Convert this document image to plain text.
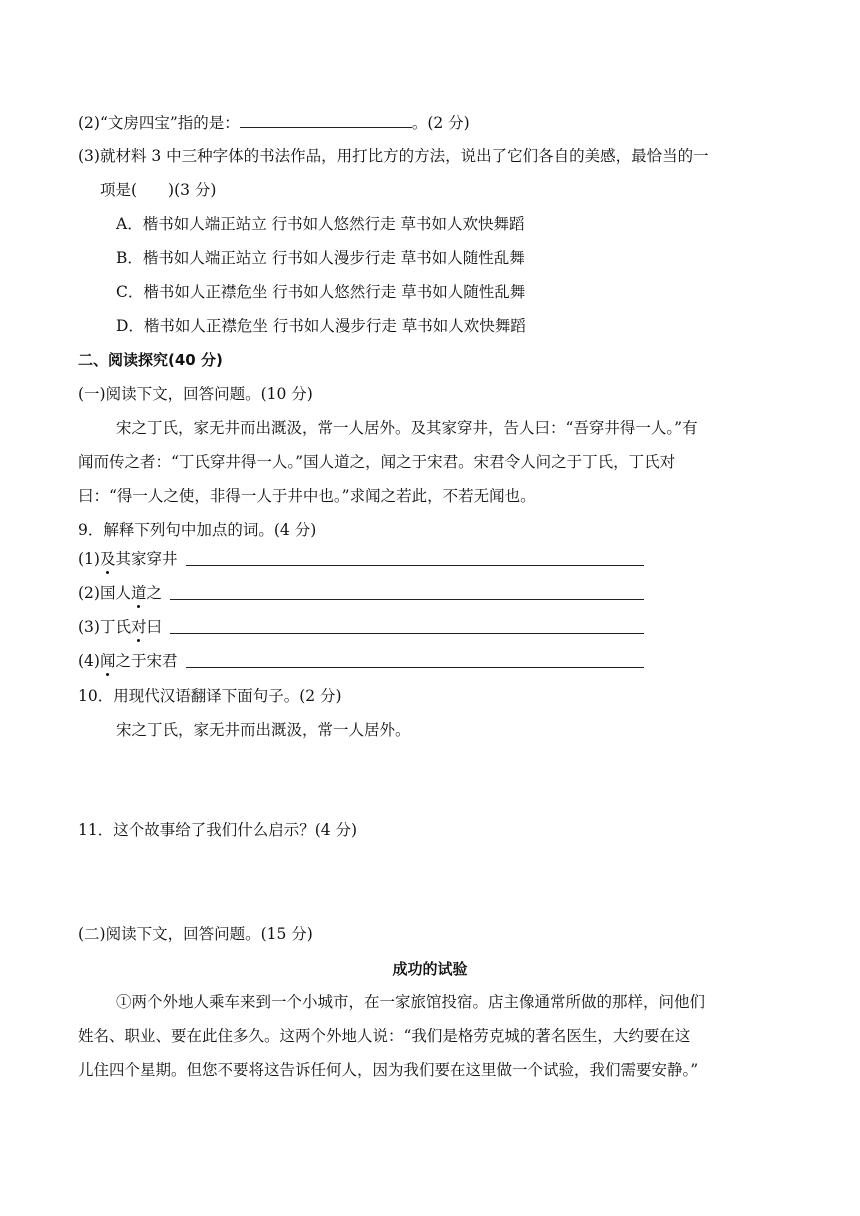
(2)“文房四宝”指的是：	。(2 分)
(3)就材料 3 中三种字体的书法作品，用打比方的方法，说出了它们各自的美感，最恰当的一
项是(　　)(3 分)
A．楷书如人端正站立 行书如人悠然行走 草书如人欢快舞蹈
B．楷书如人端正站立 行书如人漫步行走 草书如人随性乱舞
C．楷书如人正襟危坐 行书如人悠然行走 草书如人随性乱舞
D．楷书如人正襟危坐 行书如人漫步行走 草书如人欢快舞蹈
二、阅读探究(40 分)
(一)阅读下文，回答问题。(10 分)
宋之丁氏，家无井而出溉汲，常一人居外。及其家穿井，告人曰：“吾穿井得一人。”有
闻而传之者：“丁氏穿井得一人。”国人道之，闻之于宋君。宋君令人问之于丁氏，丁氏对
曰：“得一人之使，非得一人于井中也。”求闻之若此，不若无闻也。
9．解释下列句中加点的词。(4 分)
(1)及其家穿井
(2)国人道之
(3)丁氏对曰
(4)闻之于宋君
10．用现代汉语翻译下面句子。(2 分)
宋之丁氏，家无井而出溉汲，常一人居外。
11．这个故事给了我们什么启示？(4 分)
(二)阅读下文，回答问题。(15 分)
成功的试验
①两个外地人乘车来到一个小城市，在一家旅馆投宿。店主像通常所做的那样，问他们
姓名、职业、要在此住多久。这两个外地人说：“我们是格劳克城的著名医生，大约要在这
儿住四个星期。但您不要将这告诉任何人，因为我们要在这里做一个试验，我们需要安静。”
